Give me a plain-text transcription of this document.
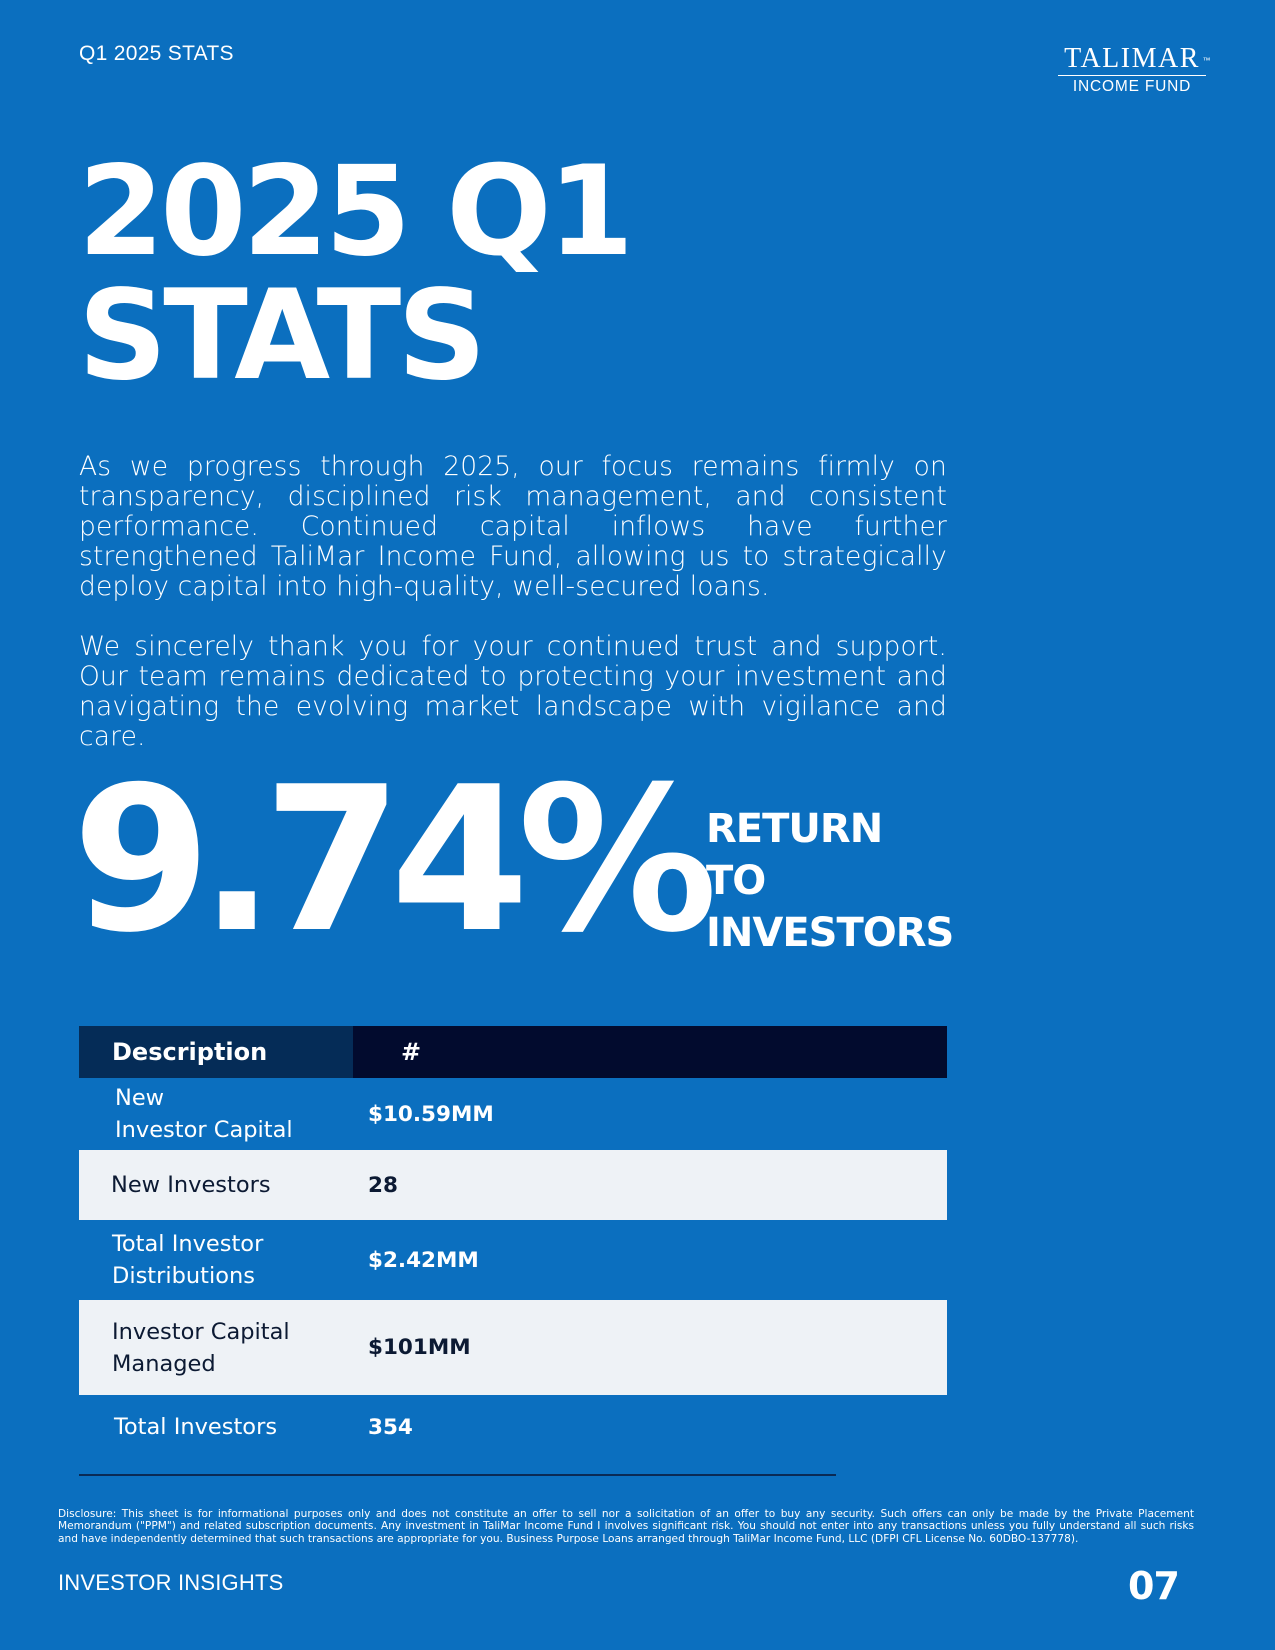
Q1 2025 STATS	TALIMAR ™
INCOME FUND
2025 Q1
STATS

As we progress through 2025, our focus remains firmly on transparency, disciplined risk management, and consistent performance. Continued capital inflows have further strengthened TaliMar Income Fund, allowing us to strategically deploy capital into high-quality, well-secured loans.

We sincerely thank you for your continued trust and support. Our team remains dedicated to protecting your investment and navigating the evolving market landscape with vigilance and care.

9.74% RETURN TO
INVESTORS
Description	#

New
Investor Capital	$10.59MM

New Investors	28

Total Investor
Distributions	$2.42MM

Investor Capital
Managed	$101MM

Total Investors	354
Disclosure: This sheet is for informational purposes only and does not constitute an offer to sell nor a solicitation of an offer to buy any security. Such offers can only be made by the Private Placement Memorandum ("PPM") and related subscription documents. Any investment in TaliMar Income Fund I involves significant risk. You should not enter into any transactions unless you fully understand all such risks and have independently determined that such transactions are appropriate for you. Business Purpose Loans arranged through TaliMar Income Fund, LLC (DFPI CFL License No. 60DBO-137778).
INVESTOR INSIGHTS	07
